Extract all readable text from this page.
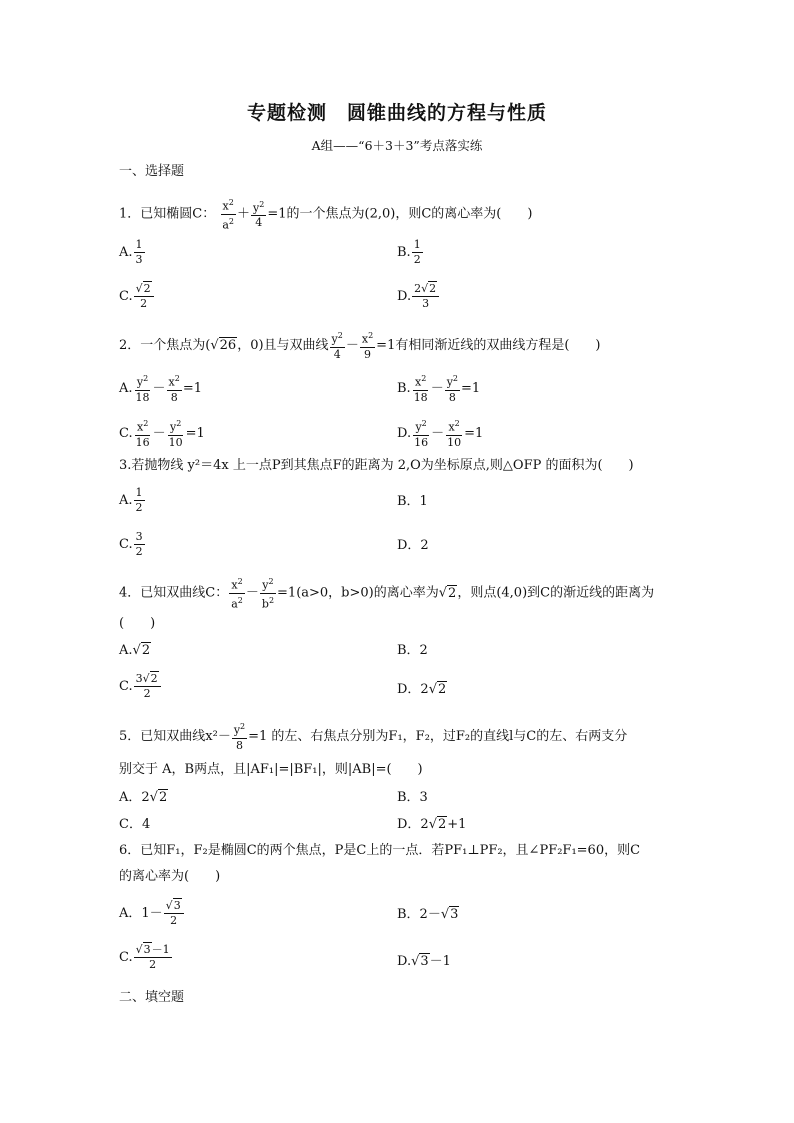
专题检测　圆锥曲线的方程与性质
A组——“6＋3＋3”考点落实练
一、选择题
1．已知椭圆C： $\frac{x^2}{a^2} + \frac{y^2}{4} =1$的一个焦点为(2,0)，则C的离心率为(　　)
A. $\frac{1}{3}$	B. $\frac{1}{2}$
C. $\frac{√2}{2}$	D. $\frac{2√2}{3}$
2．一个焦点为(√26，0)且与双曲线 $\frac{y^2}{4} - \frac{x^2}{9} =1$有相同渐近线的双曲线方程是(　　)
A. $\frac{y^2}{18} - \frac{x^2}{8} =1$	B. $\frac{x^2}{18} - \frac{y^2}{8} =1$
C. $\frac{x^2}{16} - \frac{y^2}{10} =1$	D. $\frac{y^2}{16} - \frac{x^2}{10} =1$
3.若抛物线 y²＝4x 上一点P到其焦点F的距离为 2,O为坐标原点,则△OFP 的面积为(　　)
A. $\frac{1}{2}$	B．1
C. $\frac{3}{2}$	D．2
4．已知双曲线C： $\frac{x^2}{a^2} - \frac{y^2}{b^2} =1(a>0$，b>0)的离心率为√2，则点(4,0)到C的渐近线的距离为
(　　)
A.√2	B．2
C. $\frac{3√2}{2}$	D．2√2
5．已知双曲线$x^2- \frac{y^2}{8} =1$ 的左、右焦点分别为F₁，F₂，过F₂的直线l与C的左、右两支分
别交于 A，B两点，且|AF₁|=|BF₁|，则|AB|=(　　)
A．2√2	B．3
C．4	D．2√2+1
6．已知F₁，F₂是椭圆C的两个焦点，P是C上的一点．若PF₁⊥PF₂，且∠PF₂F₁=60，则C
的离心率为(　　)
A．$1- \frac{√3}{2}$	B．2－√3
C. $\frac{√3-1}{2}$	D.√3－1
二、填空题
